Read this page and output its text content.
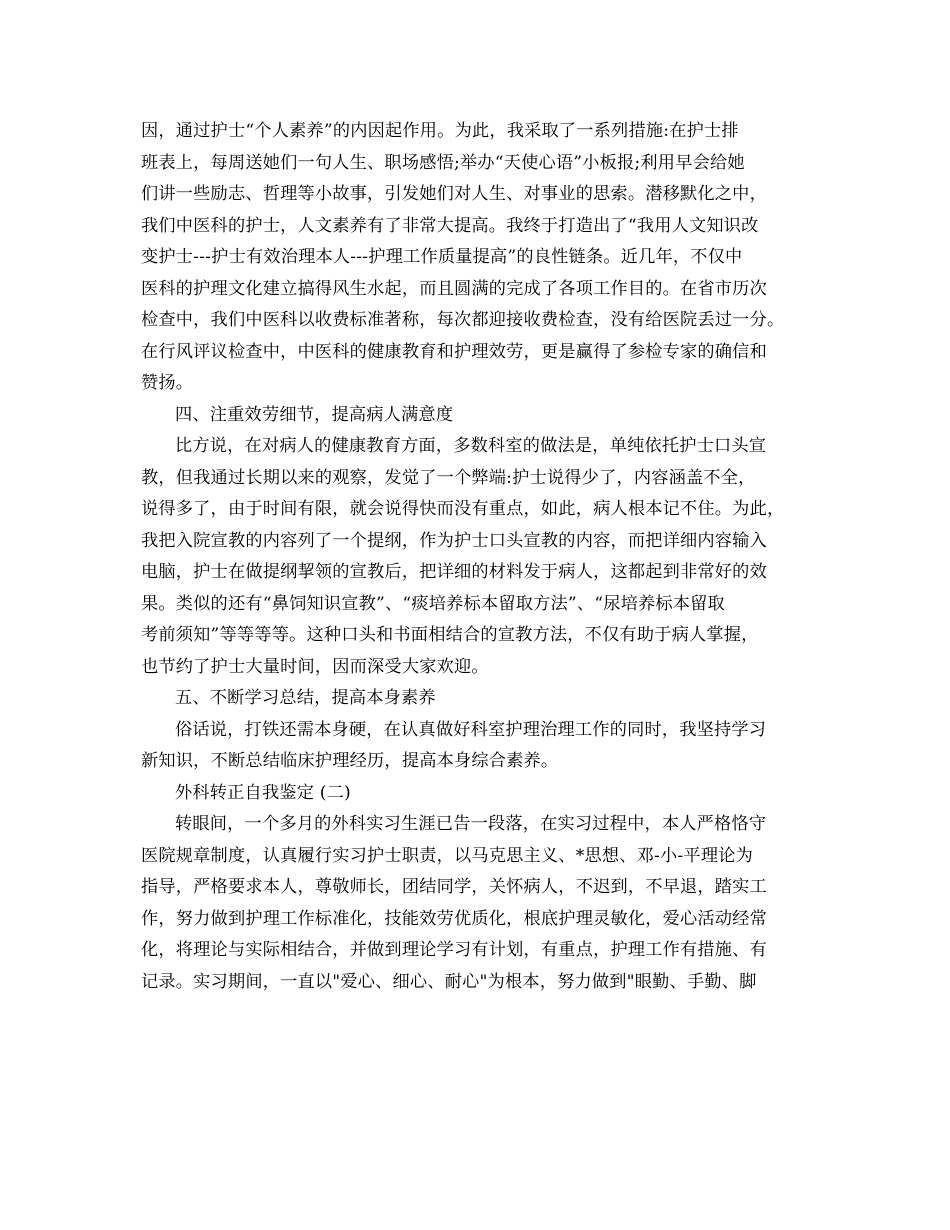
因，通过护士“个人素养”的内因起作用。为此，我采取了一系列措施:在护士排
班表上，每周送她们一句人生、职场感悟;举办“天使心语”小板报;利用早会给她
们讲一些励志、哲理等小故事，引发她们对人生、对事业的思索。潜移默化之中，
我们中医科的护士，人文素养有了非常大提高。我终于打造出了“我用人文知识改
变护士---护士有效治理本人---护理工作质量提高”的良性链条。近几年，不仅中
医科的护理文化建立搞得风生水起，而且圆满的完成了各项工作目的。在省市历次
检查中，我们中医科以收费标准著称，每次都迎接收费检查，没有给医院丢过一分。
在行风评议检查中，中医科的健康教育和护理效劳，更是赢得了参检专家的确信和
赞扬。
四、注重效劳细节，提高病人满意度
比方说，在对病人的健康教育方面，多数科室的做法是，单纯依托护士口头宣
教，但我通过长期以来的观察，发觉了一个弊端:护士说得少了，内容涵盖不全，
说得多了，由于时间有限，就会说得快而没有重点，如此，病人根本记不住。为此，
我把入院宣教的内容列了一个提纲，作为护士口头宣教的内容，而把详细内容输入
电脑，护士在做提纲挈领的宣教后，把详细的材料发于病人，这都起到非常好的效
果。类似的还有“鼻饲知识宣教”、“痰培养标本留取方法”、“尿培养标本留取
考前须知”等等等等。这种口头和书面相结合的宣教方法，不仅有助于病人掌握，
也节约了护士大量时间，因而深受大家欢迎。
五、不断学习总结，提高本身素养
俗话说，打铁还需本身硬，在认真做好科室护理治理工作的同时，我坚持学习
新知识，不断总结临床护理经历，提高本身综合素养。
外科转正自我鉴定 (二)
转眼间，一个多月的外科实习生涯已告一段落，在实习过程中，本人严格恪守
医院规章制度，认真履行实习护士职责，以马克思主义、*思想、邓-小-平理论为
指导，严格要求本人，尊敬师长，团结同学，关怀病人，不迟到，不早退，踏实工
作，努力做到护理工作标准化，技能效劳优质化，根底护理灵敏化，爱心活动经常
化，将理论与实际相结合，并做到理论学习有计划，有重点，护理工作有措施、有
记录。实习期间，一直以"爱心、细心、耐心"为根本，努力做到"眼勤、手勤、脚
